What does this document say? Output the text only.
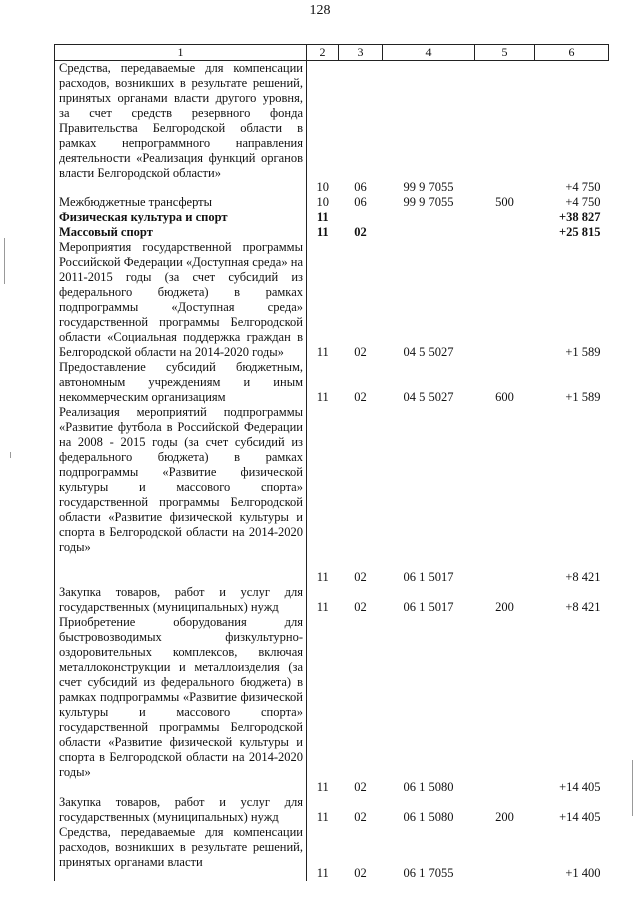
128
1	2	3	4	5	6
Средства, передаваемые для компенсации расходов, возникших в результате решений, принятых органами власти другого уровня, за счет средств резервного фонда Правительства Белгородской области в рамках непрограммного направления деятельности «Реализация функций органов власти Белгородской области»	10	06	99 9 7055		+4 750
Межбюджетные трансферты	10	06	99 9 7055	500	+4 750
Физическая культура и спорт	11				+38 827
Массовый спорт	11	02			+25 815
Мероприятия государственной программы Российской Федерации «Доступная среда» на 2011-2015 годы (за счет субсидий из федерального бюджета) в рамках подпрограммы «Доступная среда» государственной программы Белгородской области «Социальная поддержка граждан в Белгородской области на 2014-2020 годы»	11	02	04 5 5027		+1 589
Предоставление субсидий бюджетным, автономным учреждениям и иным некоммерческим организациям	11	02	04 5 5027	600	+1 589
Реализация мероприятий подпрограммы «Развитие футбола в Российской Федерации на 2008 - 2015 годы (за счет субсидий из федерального бюджета) в рамках подпрограммы «Развитие физической культуры и массового спорта» государственной программы Белгородской области «Развитие физической культуры и спорта в Белгородской области на 2014-2020 годы»	11	02	06 1 5017		+8 421
Закупка товаров, работ и услуг для государственных (муниципальных) нужд	11	02	06 1 5017	200	+8 421
Приобретение оборудования для быстровозводимых физкультурно-оздоровительных комплексов, включая металлоконструкции и металлоизделия (за счет субсидий из федерального бюджета) в рамках подпрограммы «Развитие физической культуры и массового спорта» государственной программы Белгородской области «Развитие физической культуры и спорта в Белгородской области на 2014-2020 годы»	11	02	06 1 5080		+14 405
Закупка товаров, работ и услуг для государственных (муниципальных) нужд	11	02	06 1 5080	200	+14 405
Средства, передаваемые для компенсации расходов, возникших в результате решений, принятых органами власти	11	02	06 1 7055		+1 400
